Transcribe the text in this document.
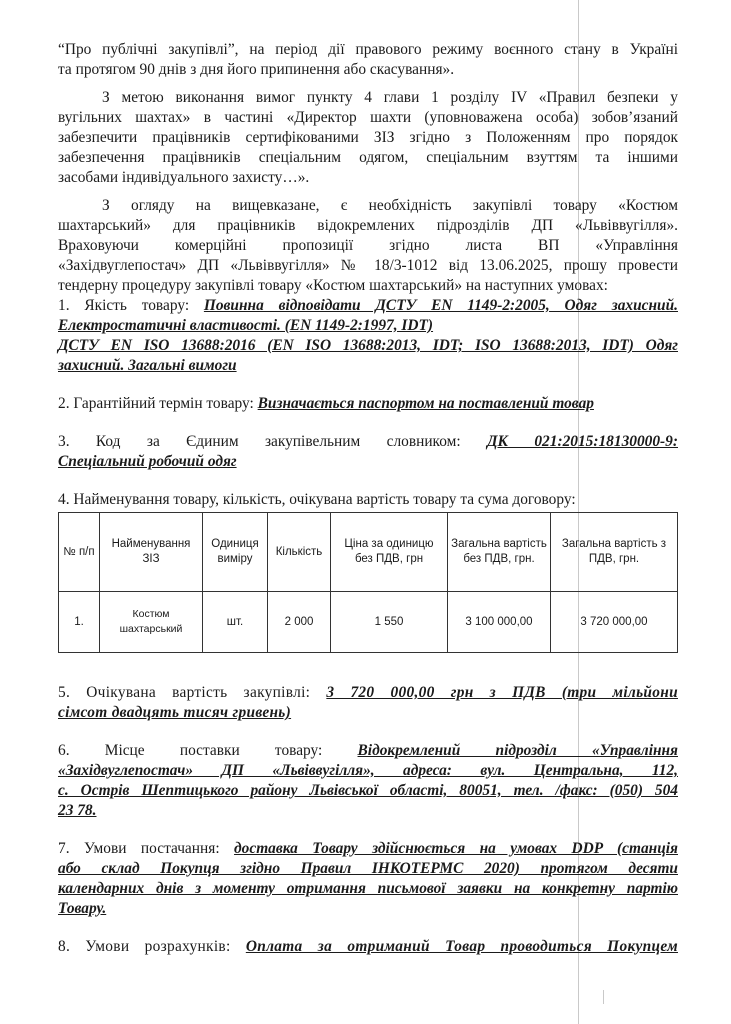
“Про публічні закупівлі”, на період дії правового режиму воєнного стану в Україні
та протягом 90 днів з дня його припинення або скасування».

З метою виконання вимог пункту 4 глави 1 розділу IV «Правил безпеки у
вугільних шахтах» в частині «Директор шахти (уповноважена особа) зобов’язаний
забезпечити працівників сертифікованими ЗІЗ згідно з Положенням про порядок
забезпечення працівників спеціальним одягом, спеціальним взуттям та іншими
засобами індивідуального захисту…».

З огляду на вищевказане, є необхідність закупівлі товару «Костюм
шахтарський» для працівників відокремлених підрозділів ДП «Львіввугілля».
Враховуючи комерційні пропозиції згідно листа ВП «Управління
«Західвуглепостач» ДП «Львіввугілля» № 18/3-1012 від 13.06.2025, прошу провести
тендерну процедуру закупівлі товару «Костюм шахтарський» на наступних умовах:

1. Якість товару: Повинна відповідати ДСТУ EN 1149-2:2005, Одяг захисний.
Електростатичні властивості. (EN 1149-2:1997, IDT)
ДСТУ EN ISO 13688:2016 (EN ISO 13688:2013, IDT; ISO 13688:2013, IDT) Одяг
захисний. Загальні вимоги

2. Гарантійний термін товару: Визначається паспортом на поставлений товар

3. Код за Єдиним закупівельним словником: ДК 021:2015:18130000-9:
Спеціальний робочий одяг

4. Найменування товару, кількість, очікувана вартість товару та сума договору:

№ п/п	Найменування ЗІЗ	Одиниця виміру	Кількість	Ціна за одиницю без ПДВ, грн	Загальна вартість без ПДВ, грн.	Загальна вартість з ПДВ, грн.
1.	Костюм шахтарський	шт.	2 000	1 550	3 100 000,00	3 720 000,00

5. Очікувана вартість закупівлі: 3 720 000,00 грн з ПДВ (три мільйони
сімсот двадцять тисяч гривень)

6. Місце поставки товару: Відокремлений підрозділ «Управління
«Західвуглепостач» ДП «Львіввугілля», адреса: вул. Центральна, 112,
с. Острів Шептицького району Львівської області, 80051, тел. /факс: (050) 504
23 78.

7. Умови постачання: доставка Товару здійснюється на умовах DDP (станція
або склад Покупця згідно Правил ІНКОТЕРМС 2020) протягом десяти
календарних днів з моменту отримання письмової заявки на конкретну партію
Товару.

8. Умови розрахунків: Оплата за отриманий Товар проводиться Покупцем
